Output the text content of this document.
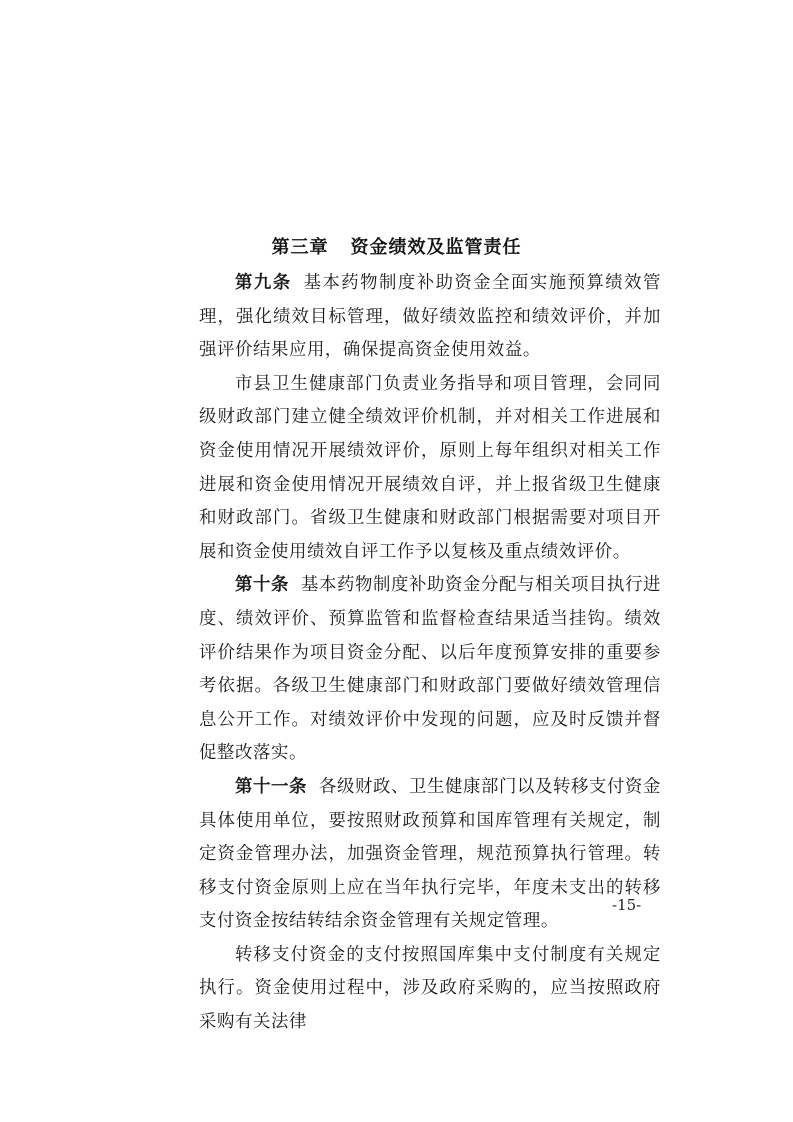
第三章 资金绩效及监管责任

第九条 基本药物制度补助资金全面实施预算绩效管理，强化绩效目标管理，做好绩效监控和绩效评价，并加强评价结果应用，确保提高资金使用效益。

市县卫生健康部门负责业务指导和项目管理，会同同级财政部门建立健全绩效评价机制，并对相关工作进展和资金使用情况开展绩效评价，原则上每年组织对相关工作进展和资金使用情况开展绩效自评，并上报省级卫生健康和财政部门。省级卫生健康和财政部门根据需要对项目开展和资金使用绩效自评工作予以复核及重点绩效评价。

第十条 基本药物制度补助资金分配与相关项目执行进度、绩效评价、预算监管和监督检查结果适当挂钩。绩效评价结果作为项目资金分配、以后年度预算安排的重要参考依据。各级卫生健康部门和财政部门要做好绩效管理信息公开工作。对绩效评价中发现的问题，应及时反馈并督促整改落实。

第十一条 各级财政、卫生健康部门以及转移支付资金具体使用单位，要按照财政预算和国库管理有关规定，制定资金管理办法，加强资金管理，规范预算执行管理。转移支付资金原则上应在当年执行完毕，年度未支出的转移支付资金按结转结余资金管理有关规定管理。

转移支付资金的支付按照国库集中支付制度有关规定执行。资金使用过程中，涉及政府采购的，应当按照政府采购有关法律

-15-
